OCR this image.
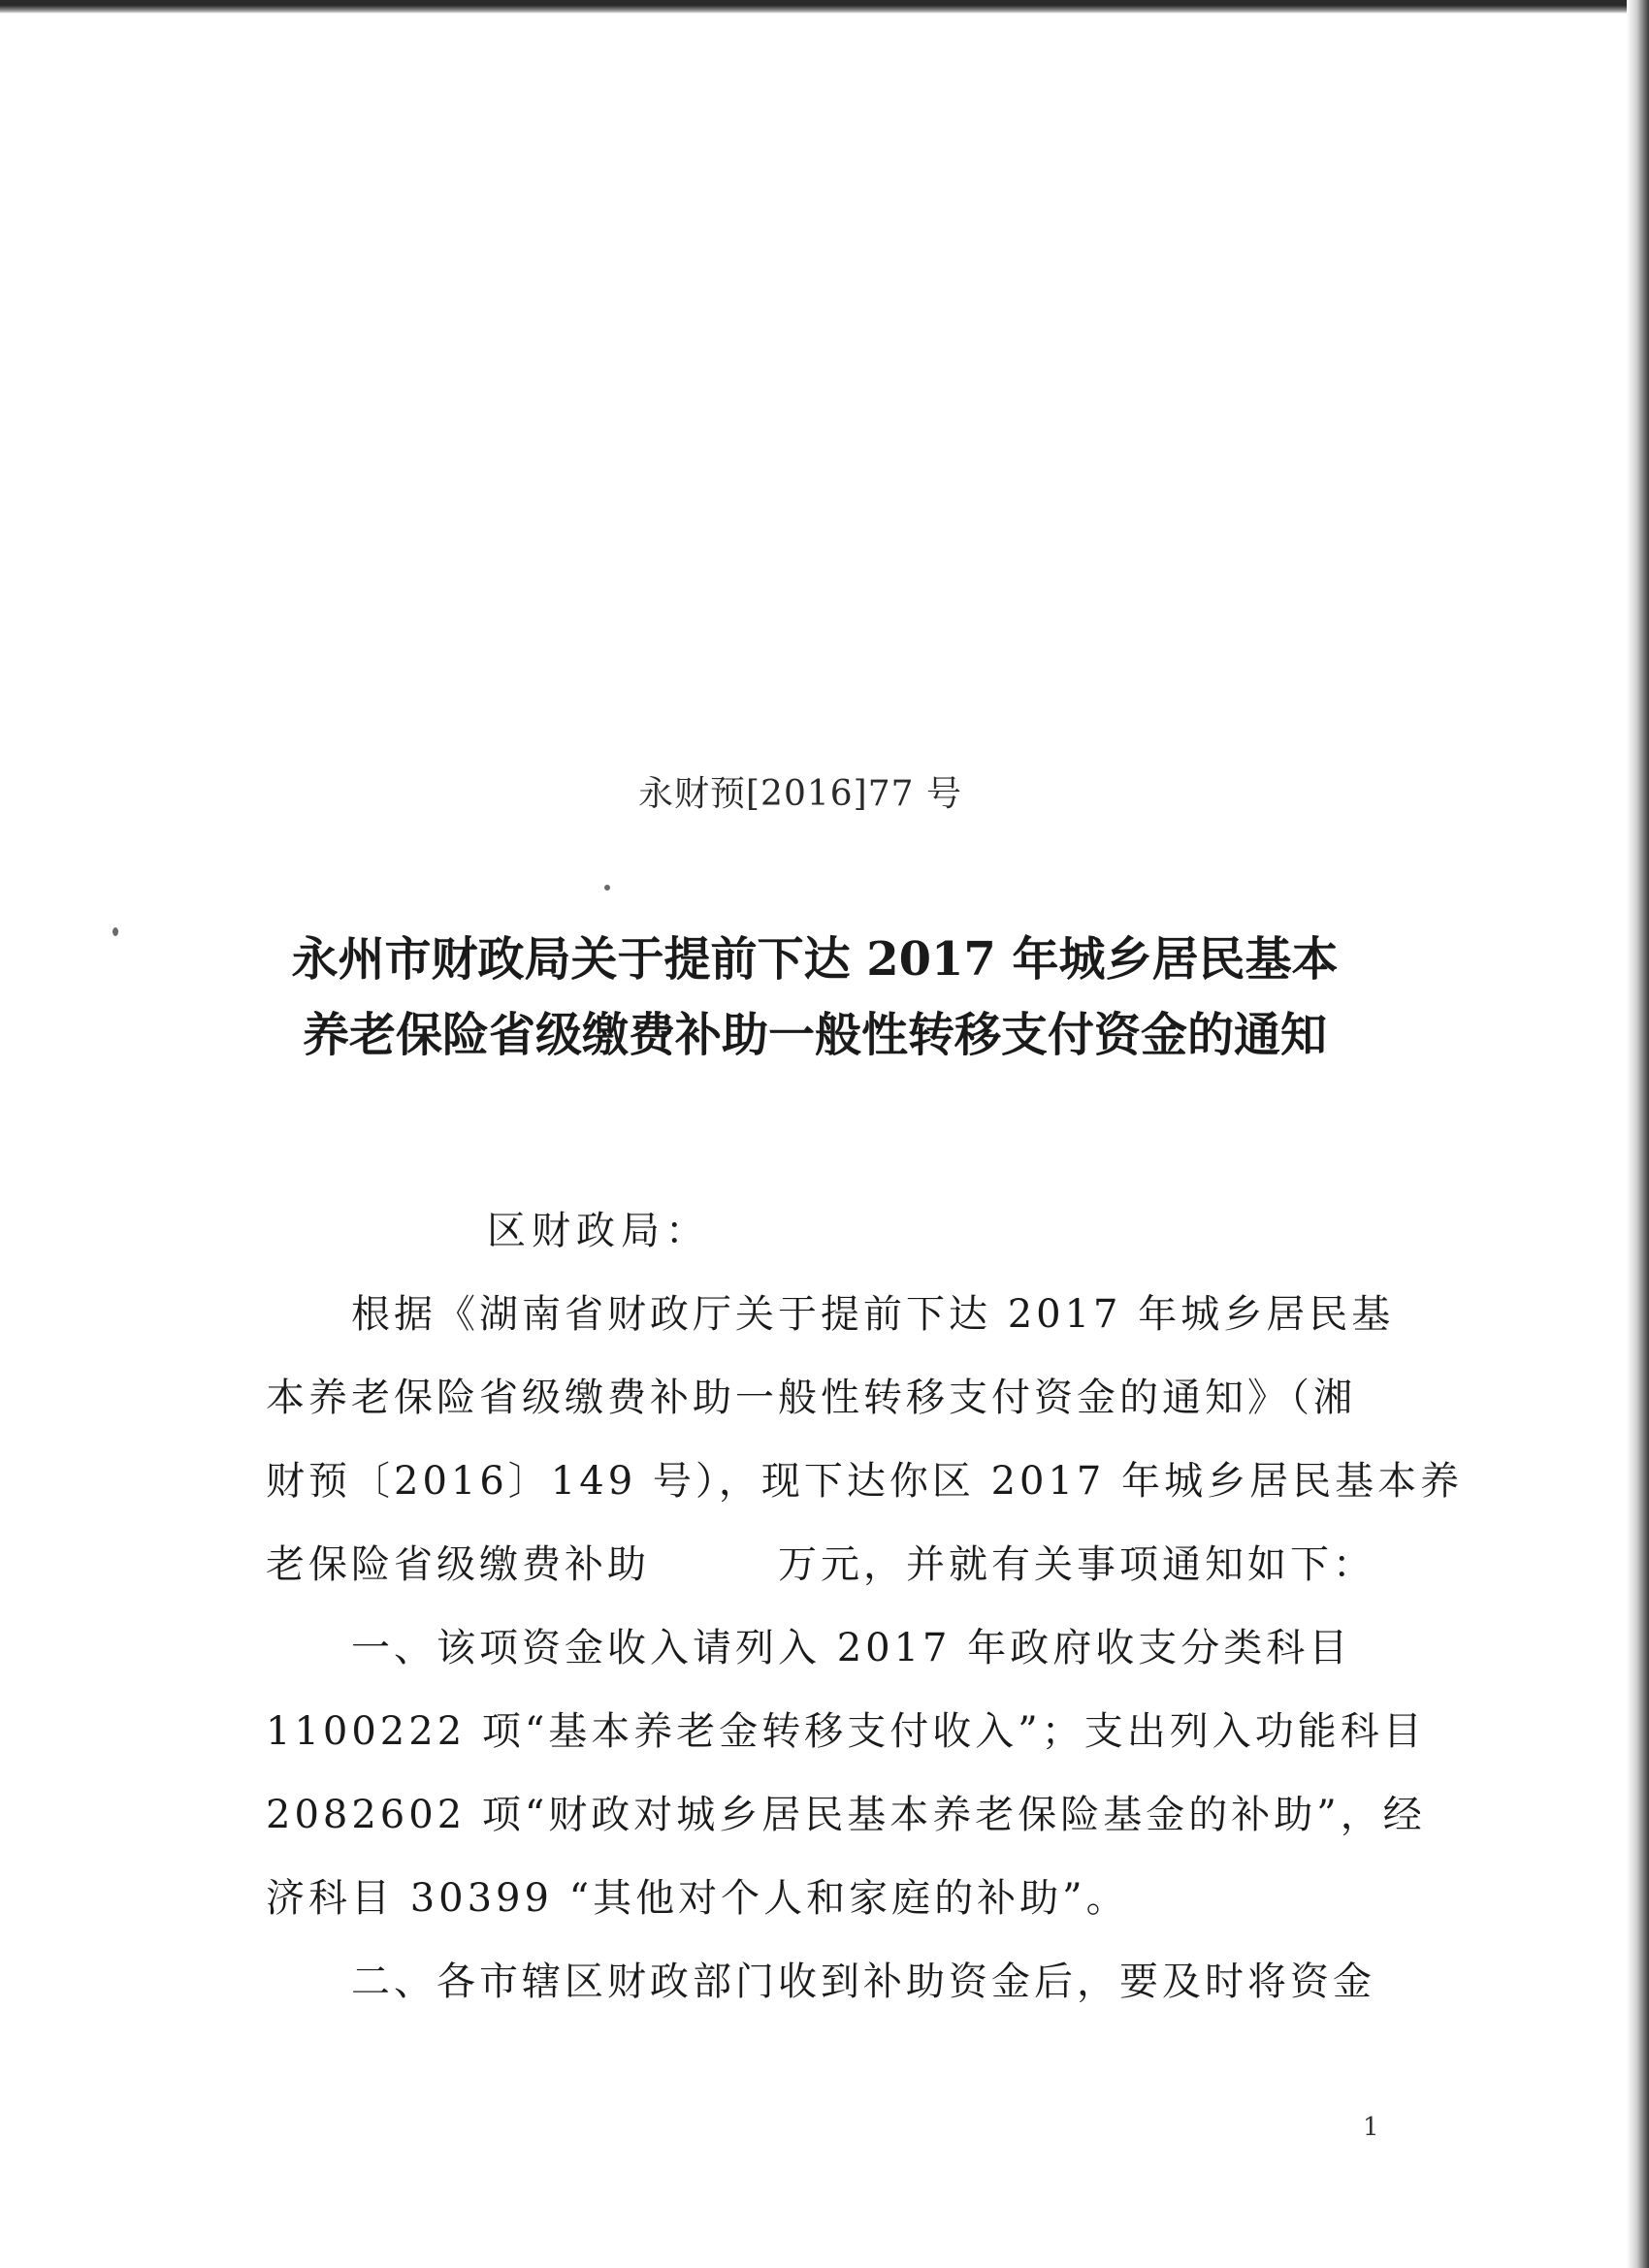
永财预[2016]77 号
永州市财政局关于提前下达 2017 年城乡居民基本
养老保险省级缴费补助一般性转移支付资金的通知

区财政局：

　　根据《湖南省财政厅关于提前下达 2017 年城乡居民基
本养老保险省级缴费补助一般性转移支付资金的通知》（湘
财预〔2016〕149 号），现下达你区 2017 年城乡居民基本养
老保险省级缴费补助　　　万元，并就有关事项通知如下：
　　一、该项资金收入请列入 2017 年政府收支分类科目
1100222 项“基本养老金转移支付收入”；支出列入功能科目
2082602 项“财政对城乡居民基本养老保险基金的补助”，经
济科目 30399 “其他对个人和家庭的补助”。
　　二、各市辖区财政部门收到补助资金后，要及时将资金
1
